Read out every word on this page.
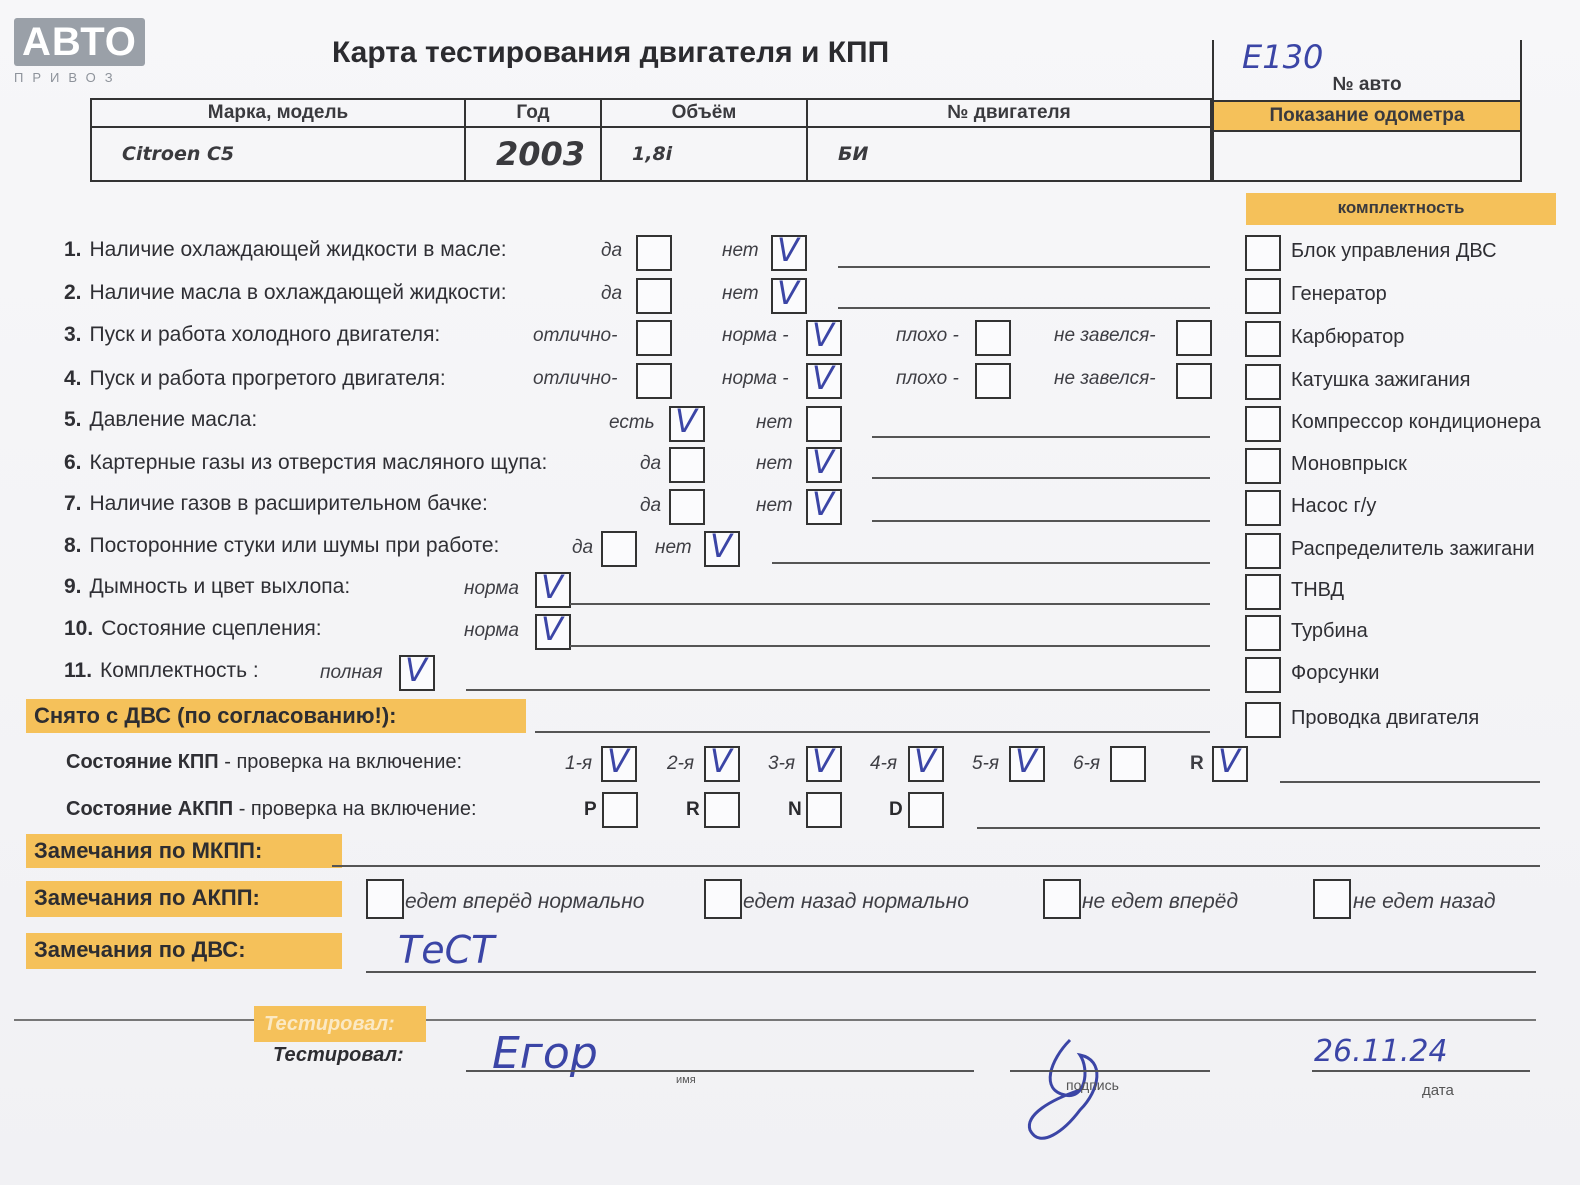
АВТО
ПРИВОЗ
Карта тестирования двигателя и КПП	E130
№ авто
Показание одометра
Марка, модель	Год	Объём	№ двигателя
Citroen C5	2003	1,8i	БИ
комплектность
Блок управления ДВС
Генератор
Карбюратор
Катушка зажигания
Компрессор кондиционера
Моновпрыск
Насос г/у
Распределитель зажигани
ТНВД
Турбина
Форсунки
Проводка двигателя
1. Наличие охлаждающей жидкости в масле:	да	нет V
2. Наличие масла в охлаждающей жидкости:	да	нет V
3. Пуск и работа холодного двигателя:	отлично-	норма - V	плохо -	не завелся-
4. Пуск и работа прогретого двигателя:	отлично-	норма - V	плохо -	не завелся-
5. Давление масла:	есть V	нет
6. Картерные газы из отверстия масляного щупа:	да	нет V
7. Наличие газов в расширительном бачке:	да	нет V
8. Посторонние стуки или шумы при работе:	да	нет V
9. Дымность и цвет выхлопа:	норма V
10. Состояние сцепления:	норма V
11. Комплектность :	полная V
Снято с ДВС (по согласованию!):
Состояние КПП - проверка на включение:	1-я V 2-я V 3-я V 4-я V 5-я V 6-я	R V
Состояние АКПП - проверка на включение:	P	R	N	D
Замечания по МКПП:
Замечания по АКПП:	едет вперёд нормально	едет назад нормально	не едет вперёд	не едет назад
Замечания по ДВС:	ТеСТ
Тестировал:
Тестировал: Егор
имя	подпись
26.11.24
дата
